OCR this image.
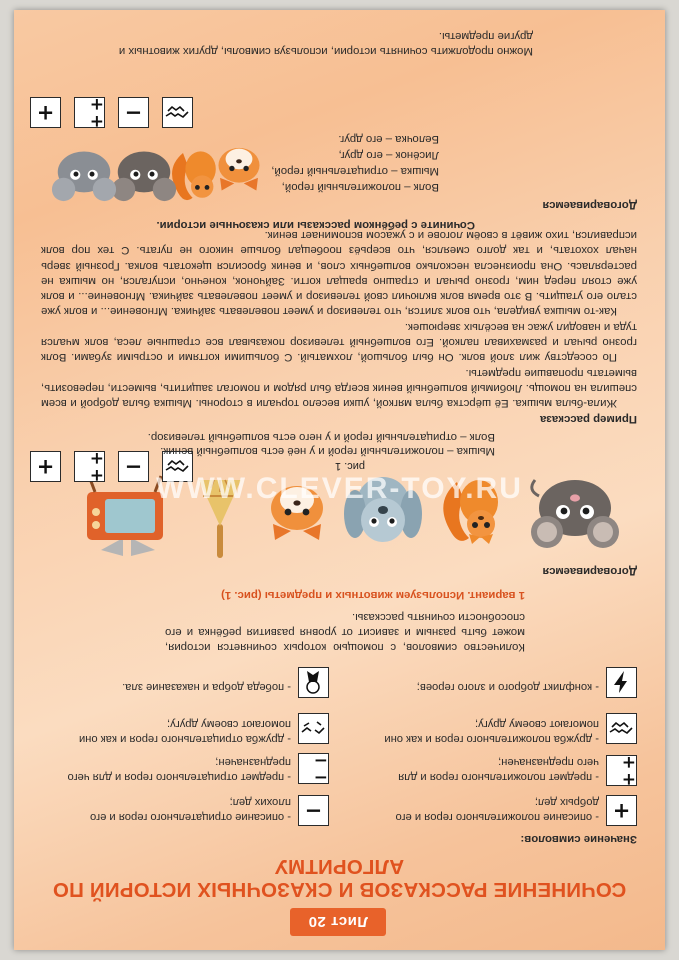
Лист 20
СОЧИНЕНИЕ РАССКАЗОВ И СКАЗОЧНЫХ ИСТОРИЙ ПО АЛГОРИТМУ
Значение символов:
+
- описание положительного героя и его добрых дел;
+ +
- предмет положительного героя и для чего предназначен;
- дружба положительного героя и как они помогают своему другу;
- конфликт доброго и злого героев;
−
- описание отрицательного героя и его плохих дел;
− −
- предмет отрицательного героя и для чего предназначен;
- дружба отрицательного героя и как они помогают своему другу;
- победа добра и наказание зла.
Количество символов, с помощью которых сочиняется история, может быть разным и зависит от уровня развития ребёнка и его способности сочинять рассказы.
1 вариант. Используем животных и предметы (рис. 1)
Договариваемся
рис. 1
+	+ + −
Мышка – положительный герой и у неё есть волшебный веник.
Волк – отрицательный герой и у него есть волшебный телевизор.
Пример рассказа
Жила-была мышка. Её шёрстка была мягкой, ушки весело торчали в стороны. Мышка была доброй и всем спешила на помощь. Любимый волшебный веник всегда был рядом и помогал защитить, вымести, перевозить, выметать пропавшие предметы.
По соседству жил злой волк. Он был большой, лохматый. С большими когтями и острыми зубами. Волк грозно рычал и размахивал палкой. Его волшебный телевизор показывал все страшные леса, волк мчался туда и наводил ужас на весёлых зверюшек.
Как-то мышка увидела, что волк злится, что телевизор и умеет повелевать зайчика. Мгновение... и волк уже стало его утащить. В это время волк включил свой телевизор и умеет повелевать зайчика. Мгновение... и волк уже стоял перед ним, грозно рычал и страшно вращал когти. Зайчонок, конечно, испугался, но мышка не растерялась. Она произнесла несколько волшебных слов, и веник бросился щекотать волка. Грозный зверь начал хохотать, и так долго смеялся, что всерьёз пообещал больше никого не пугать. С тех пор волк исправился, тихо живёт в своём логове и с ужасом вспоминает веник.
Сочините с ребёнком рассказы или сказочные истории.
Договариваемся
Волк – положительный герой,
Мышка – отрицательный герой,
Лисёнок – его друг,
Белочка – его друг.
+	+ + −
Можно продолжить сочинять истории, используя символы, других животных и другие предметы.
WWW.CLEVER-TOY.RU
